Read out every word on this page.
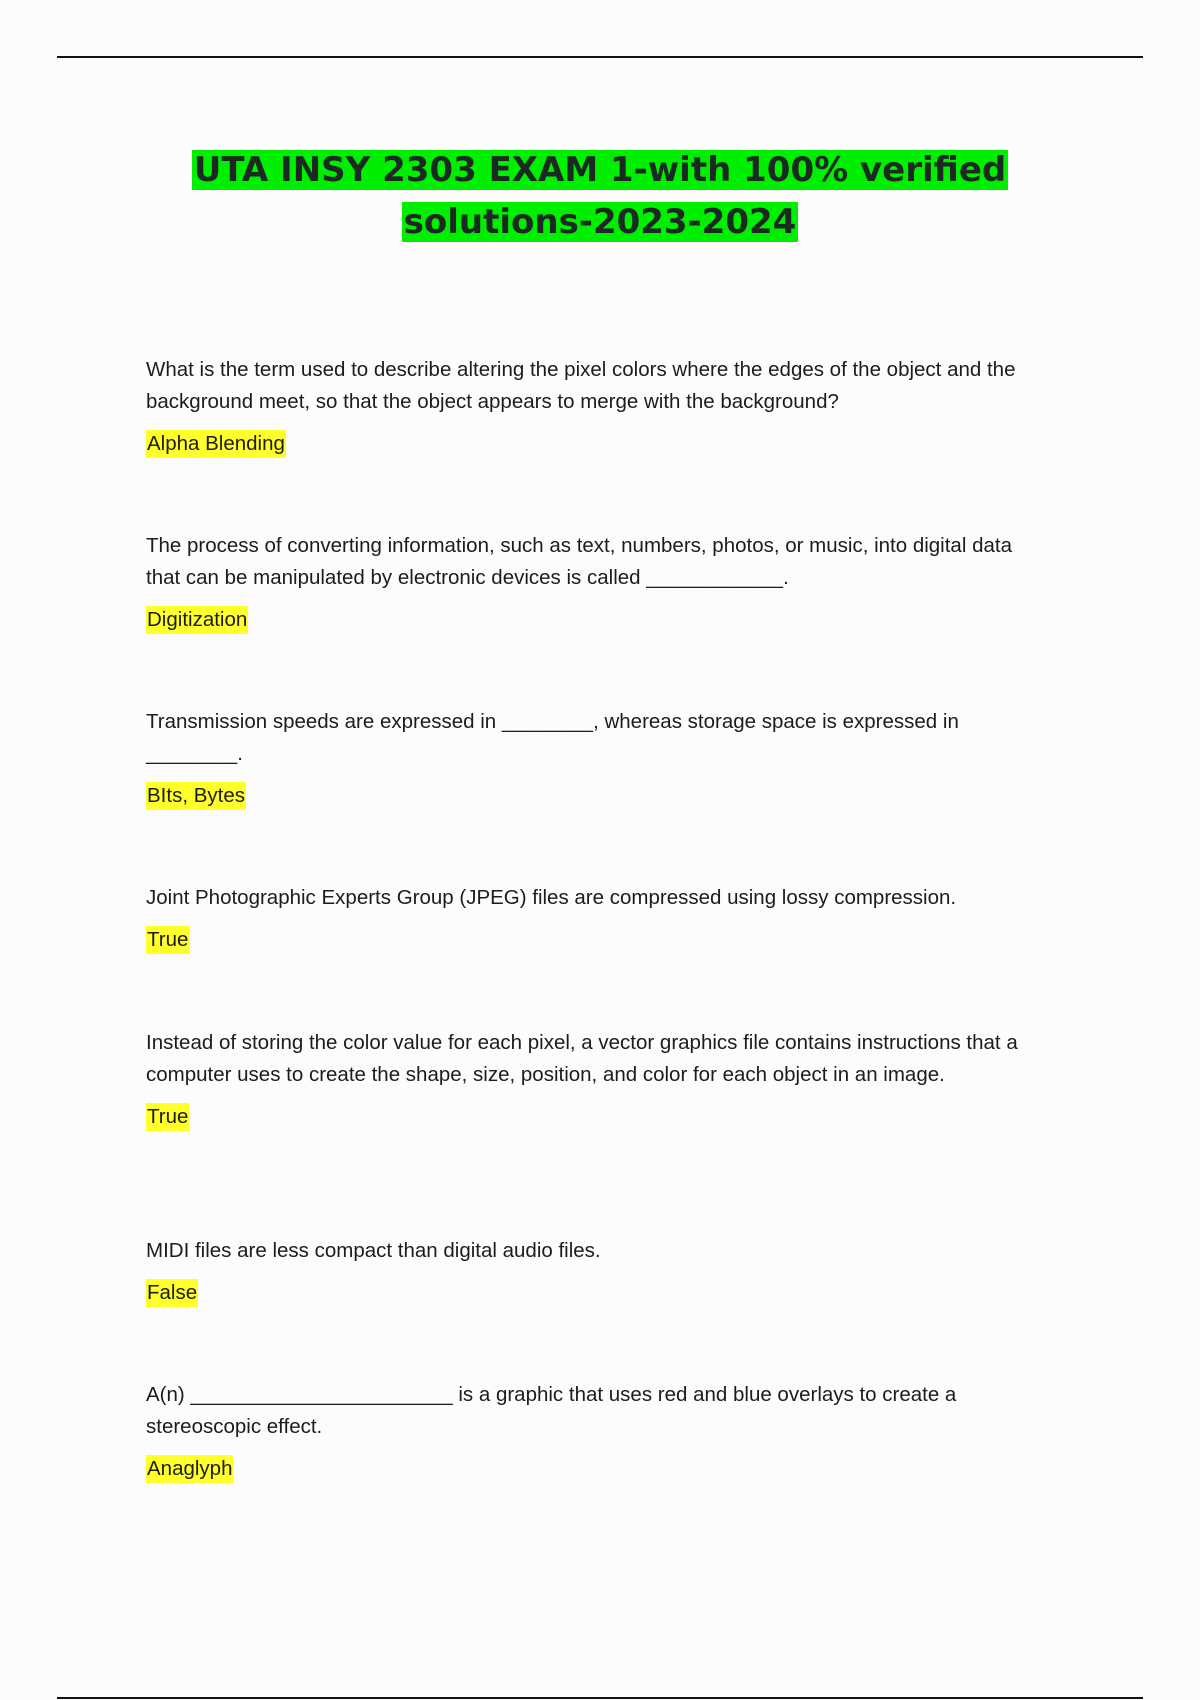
UTA INSY 2303 EXAM 1-with 100% verified
solutions-2023-2024

What is the term used to describe altering the pixel colors where the edges of the object and the background meet, so that the object appears to merge with the background?

Alpha Blending

The process of converting information, such as text, numbers, photos, or music, into digital data that can be manipulated by electronic devices is called ____________.

Digitization

Transmission speeds are expressed in ________, whereas storage space is expressed in ________.

BIts, Bytes

Joint Photographic Experts Group (JPEG) files are compressed using lossy compression.

True

Instead of storing the color value for each pixel, a vector graphics file contains instructions that a computer uses to create the shape, size, position, and color for each object in an image.

True

MIDI files are less compact than digital audio files.

False

A(n) _______________________ is a graphic that uses red and blue overlays to create a stereoscopic effect.

Anaglyph
